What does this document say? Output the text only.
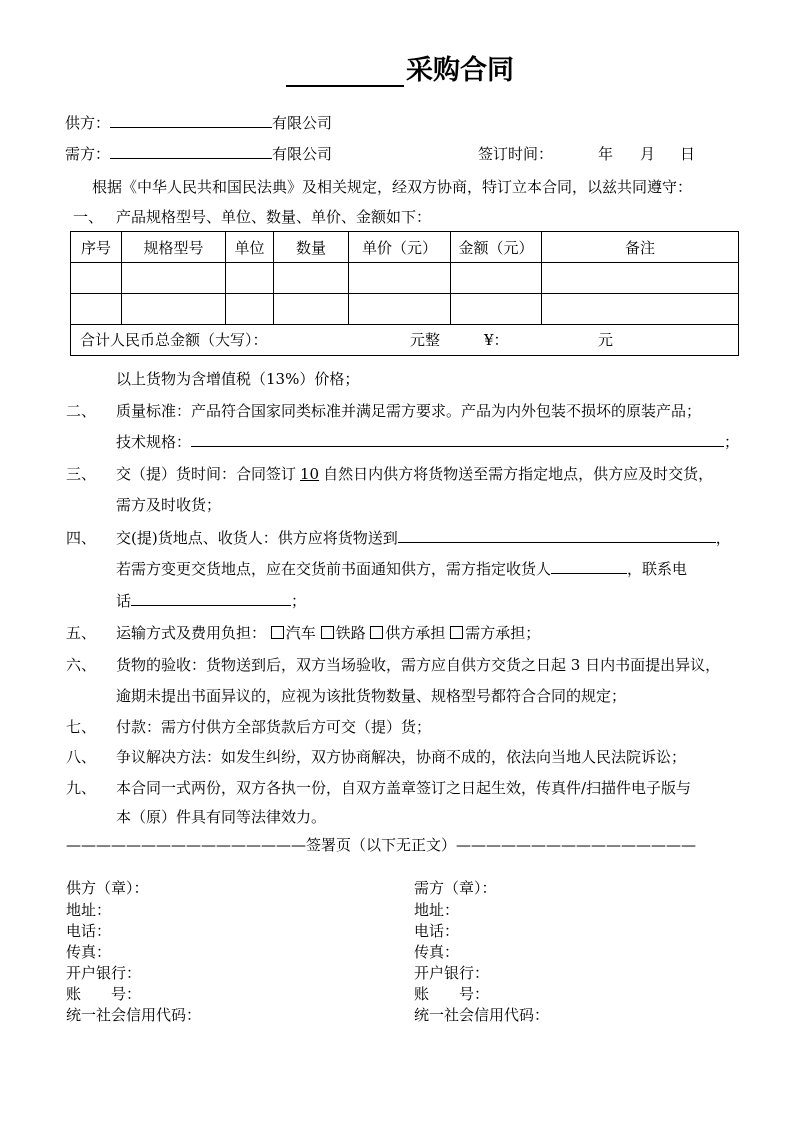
采购合同
供方：	有限公司
需方：	有限公司	签订时间：	年 月 日
根据《中华人民共和国民法典》及相关规定，经双方协商，特订立本合同，以兹共同遵守：
一、 产品规格型号、单位、数量、单价、金额如下：
序号	规格型号	单位	数量	单价（元）	金额（元）	备注

合计人民币总金额（大写）： 元整 ¥： 元						
以上货物为含增值税（13%）价格；
二、 质量标准：产品符合国家同类标准并满足需方要求。产品为内外包装不损坏的原装产品；
技术规格：	；
三、 交（提）货时间：合同签订 10 自然日内供方将货物送至需方指定地点，供方应及时交货，
需方及时收货；
四、 交(提)货地点、收货人：供方应将货物送到	，
若需方变更交货地点，应在交货前书面通知供方，需方指定收货人	，联系电
话	；
五、 运输方式及费用负担： 汽车 铁路 供方承担 需方承担；
六、 货物的验收：货物送到后，双方当场验收，需方应自供方交货之日起 3 日内书面提出异议，
逾期未提出书面异议的，应视为该批货物数量、规格型号都符合合同的规定；
七、 付款：需方付供方全部货款后方可交（提）货；
八、 争议解决方法：如发生纠纷，双方协商解决，协商不成的，依法向当地人民法院诉讼；
九、 本合同一式两份，双方各执一份，自双方盖章签订之日起生效，传真件/扫描件电子版与
本（原）件具有同等法律效力。
————————————————签署页（以下无正文）————————————————
供方（章）：
地址：
电话：
传真：
开户银行：
账　　号：
统一社会信用代码：
需方（章）：
地址：
电话：
传真：
开户银行：
账　　号：
统一社会信用代码：
